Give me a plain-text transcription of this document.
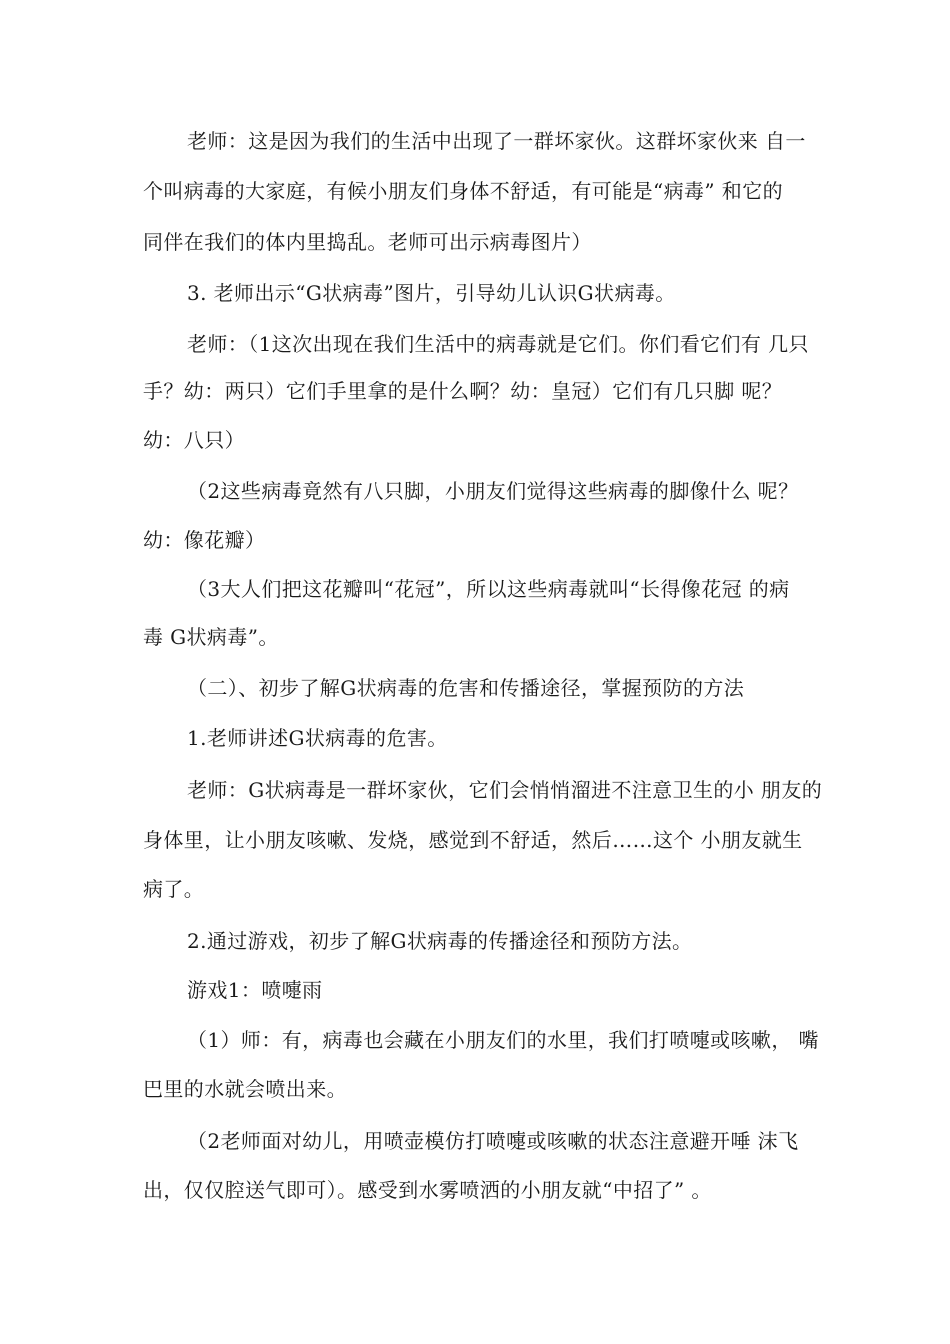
老师：这是因为我们的生活中出现了一群坏家伙。这群坏家伙来 自一

个叫病毒的大家庭，有候小朋友们身体不舒适，有可能是“病毒” 和它的

同伴在我们的体内里捣乱。老师可出示病毒图片）

3. 老师出示“G状病毒”图片，引导幼儿认识G状病毒。

老师：（1这次出现在我们生活中的病毒就是它们。你们看它们有 几只

手？幼：两只）它们手里拿的是什么啊？幼：皇冠）它们有几只脚 呢？

幼：八只）

（2这些病毒竟然有八只脚，小朋友们觉得这些病毒的脚像什么 呢？

幼：像花瓣）

（3大人们把这花瓣叫“花冠”，所以这些病毒就叫“长得像花冠 的病

毒 G状病毒”。

（二）、初步了解G状病毒的危害和传播途径，掌握预防的方法

1.老师讲述G状病毒的危害。

老师：G状病毒是一群坏家伙，它们会悄悄溜进不注意卫生的小 朋友的

身体里，让小朋友咳嗽、发烧，感觉到不舒适，然后……这个 小朋友就生

病了。

2.通过游戏，初步了解G状病毒的传播途径和预防方法。

游戏1：喷嚏雨

（1）师：有，病毒也会藏在小朋友们的水里，我们打喷嚏或咳嗽， 嘴

巴里的水就会喷出来。

（2老师面对幼儿，用喷壶模仿打喷嚏或咳嗽的状态注意避开唾 沫飞

出，仅仅腔送气即可）。感受到水雾喷洒的小朋友就“中招了” 。
